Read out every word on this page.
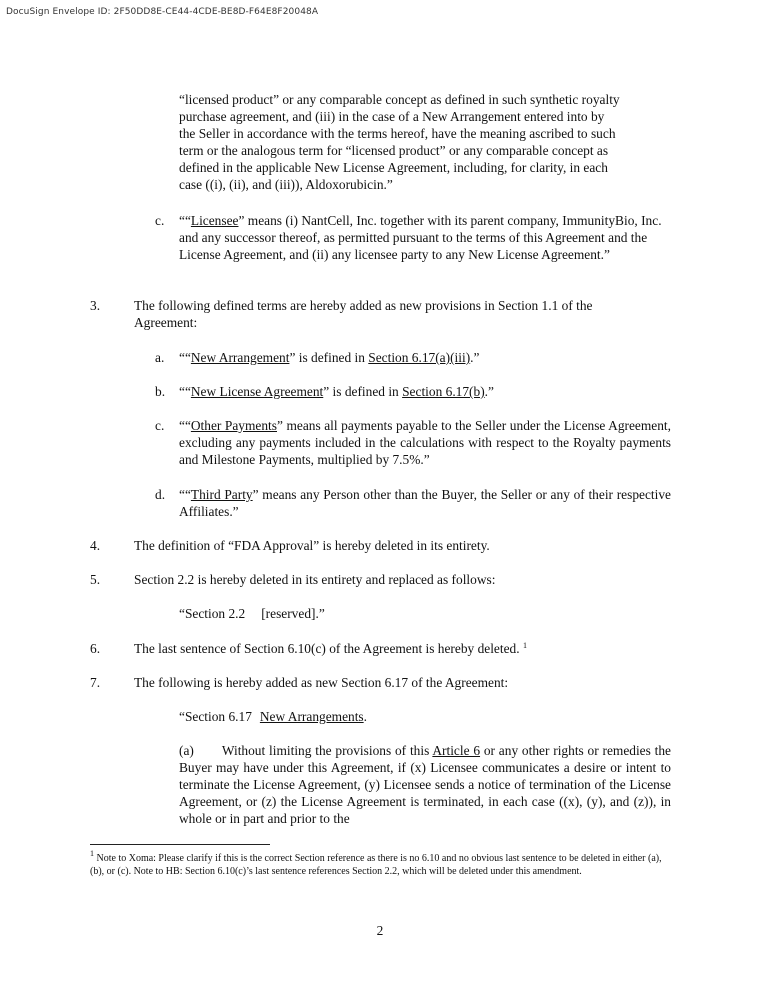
DocuSign Envelope ID: 2F50DD8E-CE44-4CDE-BE8D-F64E8F20048A
“licensed product” or any comparable concept as defined in such synthetic royalty
purchase agreement, and (iii) in the case of a New Arrangement entered into by
the Seller in accordance with the terms hereof, have the meaning ascribed to such
term or the analogous term for “licensed product” or any comparable concept as
defined in the applicable New License Agreement, including, for clarity, in each
case ((i), (ii), and (iii)), Aldoxorubicin.”
c. ““Licensee” means (i) NantCell, Inc. together with its parent company, ImmunityBio, Inc. and any successor thereof, as permitted pursuant to the terms of this Agreement and the License Agreement, and (ii) any licensee party to any New License Agreement.”
3.	The following defined terms are hereby added as new provisions in Section 1.1 of the Agreement:
a. ““New Arrangement” is defined in Section 6.17(a)(iii).”
b. ““New License Agreement” is defined in Section 6.17(b).”
c. ““Other Payments” means all payments payable to the Seller under the License Agreement, excluding any payments included in the calculations with respect to the Royalty payments and Milestone Payments, multiplied by 7.5%.”
d. ““Third Party” means any Person other than the Buyer, the Seller or any of their respective Affiliates.”
4.	The definition of “FDA Approval” is hereby deleted in its entirety.
5.	Section 2.2 is hereby deleted in its entirety and replaced as follows:
“Section 2.2 [reserved].”
6.	The last sentence of Section 6.10(c) of the Agreement is hereby deleted. $^1$
7.	The following is hereby added as new Section 6.17 of the Agreement:
“Section 6.17 New Arrangements.
(a) Without limiting the provisions of this Article 6 or any other rights or remedies the Buyer may have under this Agreement, if (x) Licensee communicates a desire or intent to terminate the License Agreement, (y) Licensee sends a notice of termination of the License Agreement, or (z) the License Agreement is terminated, in each case ((x), (y), and (z)), in whole or in part and prior to the
$^1$ Note to Xoma: Please clarify if this is the correct Section reference as there is no 6.10 and no obvious last sentence to be deleted in either (a), (b), or (c). Note to HB: Section 6.10(c)’s last sentence references Section 2.2, which will be deleted under this amendment.
2
